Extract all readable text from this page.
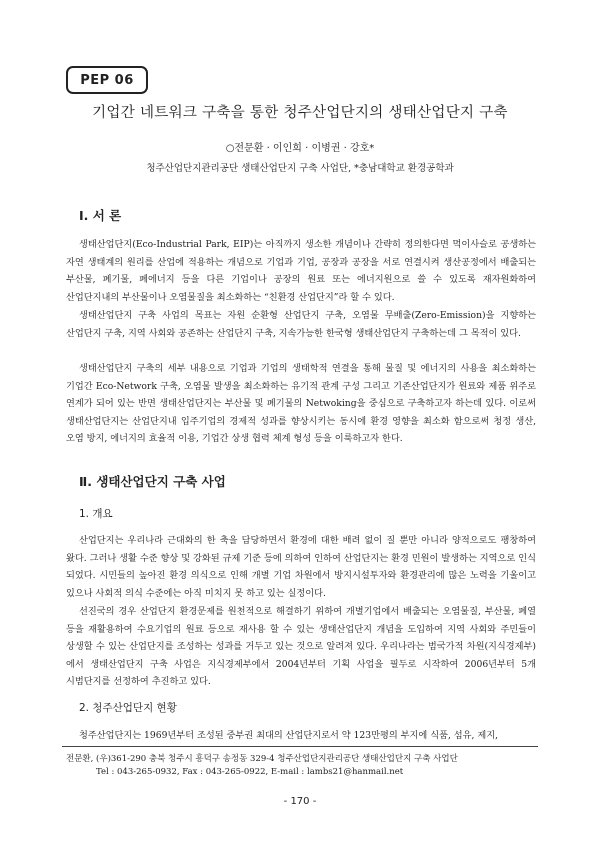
PEP 06
기업간 네트워크 구축을 통한 청주산업단지의 생태산업단지 구축
○전문환 · 이인희 · 이병권 · 강호*
청주산업단지관리공단 생태산업단지 구축 사업단, *충남대학교 환경공학과
Ⅰ. 서 론

생태산업단지(Eco-Industrial Park, EIP)는 아직까지 생소한 개념이나 간략히 정의한다면 먹이사슬로 공생하는 자연 생태계의 원리를 산업에 적용하는 개념으로 기업과 기업, 공장과 공장을 서로 연결시켜 생산공정에서 배출되는 부산물, 폐기물, 폐에너지 등을 다른 기업이나 공장의 원료 또는 에너지원으로 쓸 수 있도록 재자원화하여 산업단지내의 부산물이나 오염물질을 최소화하는 “친환경 산업단지”라 할 수 있다.

생태산업단지 구축 사업의 목표는 자원 순환형 산업단지 구축, 오염물 무배출(Zero-Emission)을 지향하는 산업단지 구축, 지역 사회와 공존하는 산업단지 구축, 지속가능한 한국형 생태산업단지 구축하는데 그 목적이 있다.

생태산업단지 구축의 세부 내용으로 기업과 기업의 생태학적 연결을 통해 물질 및 에너지의 사용을 최소화하는 기업간 Eco-Network 구축, 오염물 발생을 최소화하는 유기적 관계 구성 그리고 기존산업단지가 원료와 제품 위주로 연계가 되어 있는 반면 생태산업단지는 부산물 및 폐기물의 Netwoking을 중심으로 구축하고자 하는데 있다. 이로써 생태산업단지는 산업단지내 입주기업의 경제적 성과를 향상시키는 동시에 환경 영향을 최소화 함으로써 청정 생산, 오염 방지, 에너지의 효율적 이용, 기업간 상생 협력 체계 형성 등을 이룩하고자 한다.

Ⅱ. 생태산업단지 구축 사업
1. 개요

산업단지는 우리나라 근대화의 한 축을 담당하면서 환경에 대한 배려 없이 질 뿐만 아니라 양적으로도 팽창하여 왔다. 그러나 생활 수준 향상 및 강화된 규제 기준 등에 의하여 인하여 산업단지는 환경 민원이 발생하는 지역으로 인식 되었다. 시민들의 높아진 환경 의식으로 인해 개별 기업 차원에서 방지시설투자와 환경관리에 많은 노력을 기울이고 있으나 사회적 의식 수준에는 아직 미치지 못 하고 있는 실정이다.

선진국의 경우 산업단지 환경문제를 원천적으로 해결하기 위하여 개별기업에서 배출되는 오염물질, 부산물, 폐열 등을 재활용하여 수요기업의 원료 등으로 재사용 할 수 있는 생태산업단지 개념을 도입하여 지역 사회와 주민들이 상생할 수 있는 산업단지를 조성하는 성과를 거두고 있는 것으로 알려져 있다. 우리나라는 범국가적 차원(지식경제부)에서 생태산업단지 구축 사업은 지식경제부에서 2004년부터 기획 사업을 필두로 시작하여 2006년부터 5개 시범단지를 선정하여 추진하고 있다.

2. 청주산업단지 현황

청주산업단지는 1969년부터 조성된 중부권 최대의 산업단지로서 약 123만평의 부지에 식품, 섬유, 제지,

전문환, (우)361-290 충북 청주시 흥덕구 송정동 329-4 청주산업단지관리공단 생태산업단지 구축 사업단
Tel : 043-265-0932, Fax : 043-265-0922, E-mail : lambs21@hanmail.net
- 170 -
